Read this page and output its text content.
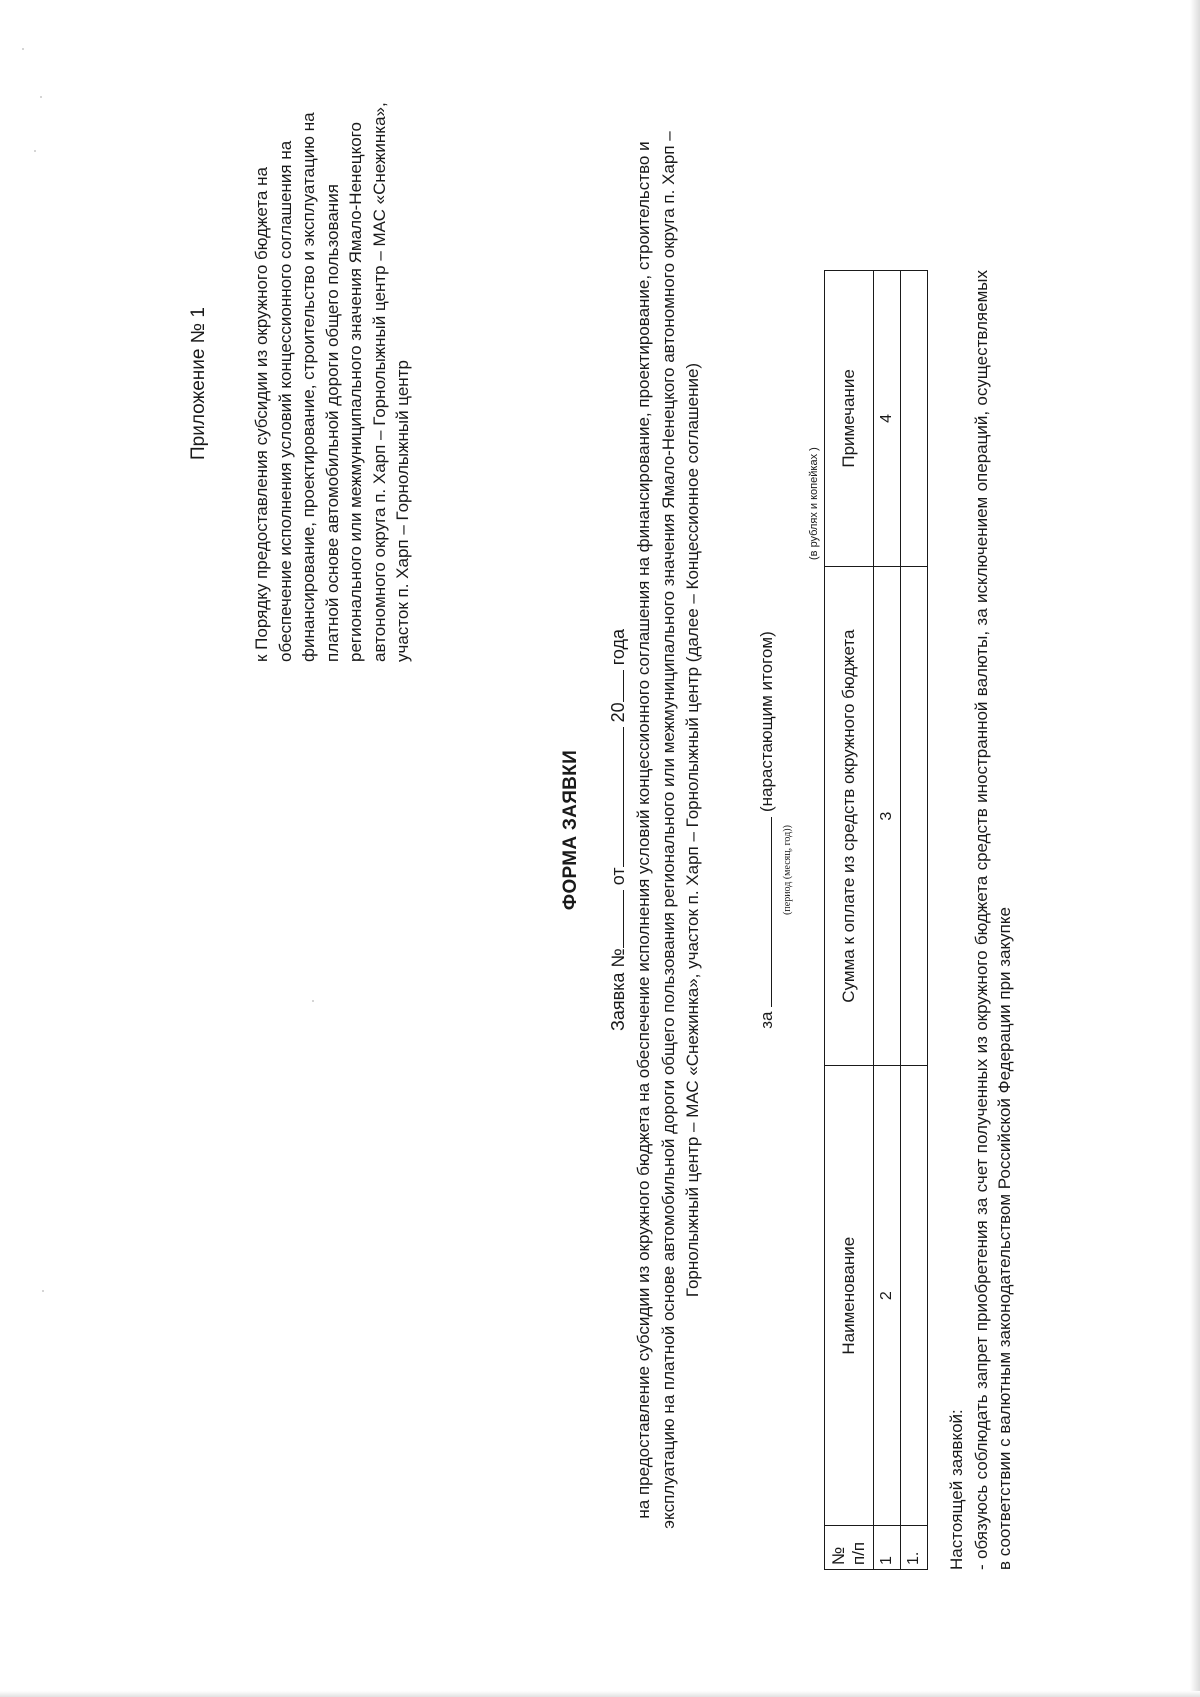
Приложение № 1	к Порядку предоставления субсидии из окружного бюджета на обеспечение исполнения условий концессионного соглашения на финансирование, проектирование, строительство и эксплуатацию на платной основе автомобильной дороги общего пользования регионального или межмуниципального значения Ямало-Ненецкого автономного округа п. Харп – Горнолыжный центр – МАС «Снежинка», участок п. Харп – Горнолыжный центр
ФОРМА ЗАЯВКИ
Заявка № от 20 года на предоставление субсидии из окружного бюджета на обеспечение исполнения условий концессионного соглашения на финансирование, проектирование, строительство и эксплуатацию на платной основе автомобильной дороги общего пользования регионального или межмуниципального значения Ямало-Ненецкого автономного округа п. Харп – Горнолыжный центр – МАС «Снежинка», участок п. Харп – Горнолыжный центр (далее – Концессионное соглашение)	за  (нарастающим итогом)
(период (месяц, год))
(в рублях и копейках )
№ п/п	Наименование	Сумма к оплате из средств окружного бюджета	Примечание
1	2	3	4
1.			Настоящей заявкой: - обязуюсь соблюдать запрет приобретения за счет полученных из окружного бюджета средств иностранной валюты, за исключением операций, осуществляемых в соответствии с валютным законодательством Российской Федерации при закупке
